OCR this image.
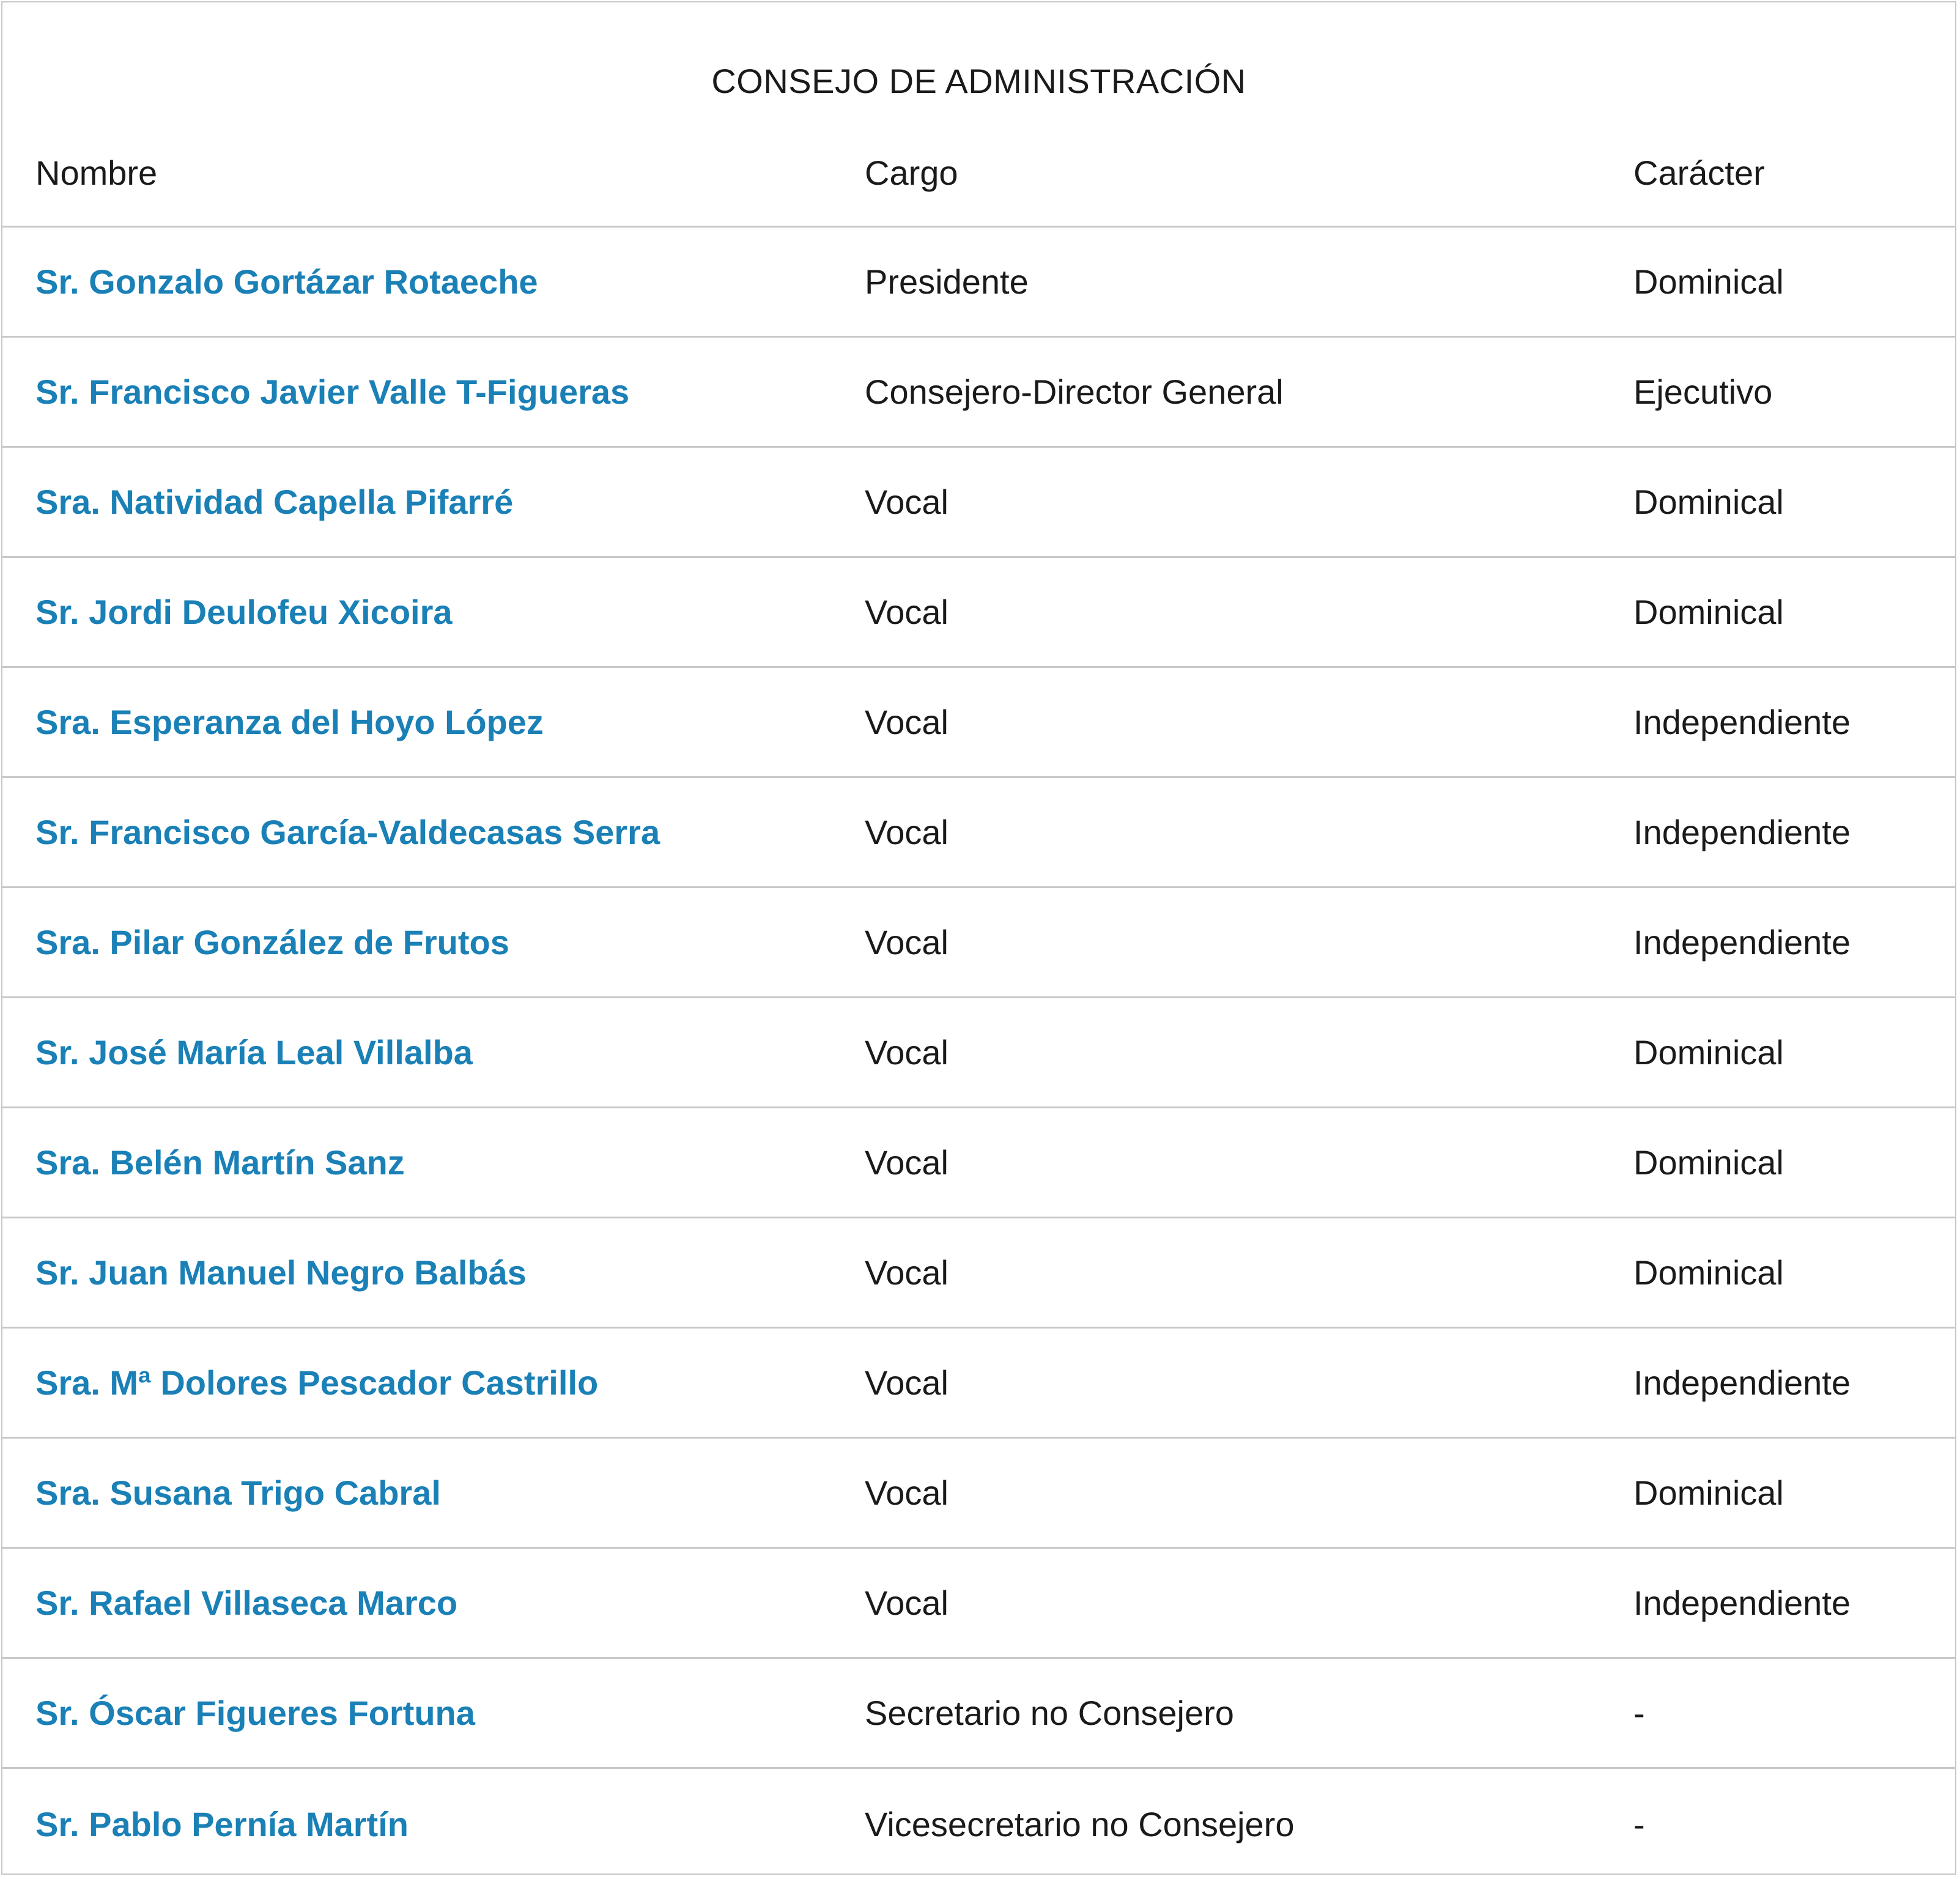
CONSEJO DE ADMINISTRACIÓN
Nombre	Cargo	Carácter
Sr. Gonzalo Gortázar Rotaeche	Presidente	Dominical
Sr. Francisco Javier Valle T-Figueras	Consejero-Director General	Ejecutivo
Sra. Natividad Capella Pifarré	Vocal	Dominical
Sr. Jordi Deulofeu Xicoira	Vocal	Dominical
Sra. Esperanza del Hoyo López	Vocal	Independiente
Sr. Francisco García-Valdecasas Serra	Vocal	Independiente
Sra. Pilar González de Frutos	Vocal	Independiente
Sr. José María Leal Villalba	Vocal	Dominical
Sra. Belén Martín Sanz	Vocal	Dominical
Sr. Juan Manuel Negro Balbás	Vocal	Dominical
Sra. Mª Dolores Pescador Castrillo	Vocal	Independiente
Sra. Susana Trigo Cabral	Vocal	Dominical
Sr. Rafael Villaseca Marco	Vocal	Independiente
Sr. Óscar Figueres Fortuna	Secretario no Consejero	-
Sr. Pablo Pernía Martín	Vicesecretario no Consejero	-
